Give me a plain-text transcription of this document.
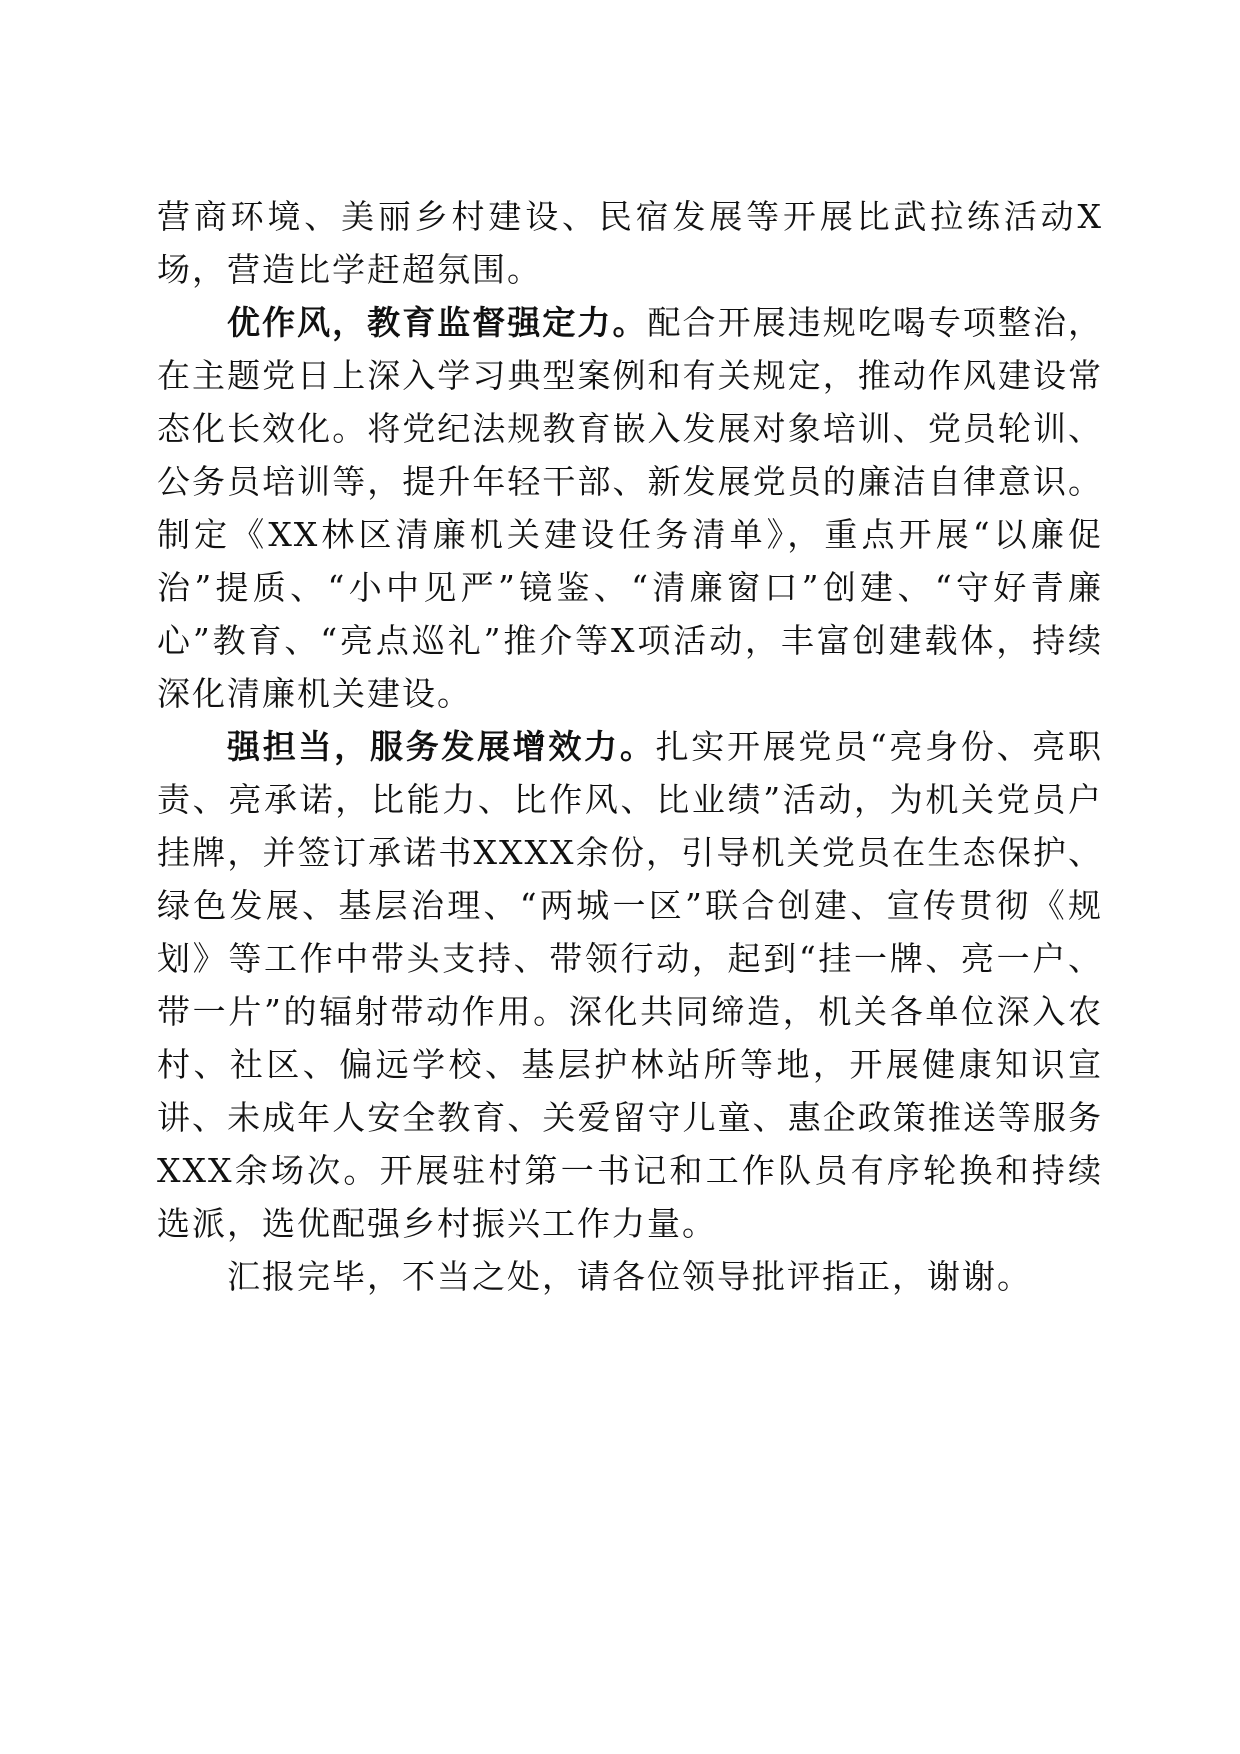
营商环境、美丽乡村建设、民宿发展等开展比武拉练活动X场，营造比学赶超氛围。

优作风，教育监督强定力。配合开展违规吃喝专项整治，在主题党日上深入学习典型案例和有关规定，推动作风建设常态化长效化。将党纪法规教育嵌入发展对象培训、党员轮训、公务员培训等，提升年轻干部、新发展党员的廉洁自律意识。制定《XX林区清廉机关建设任务清单》，重点开展“以廉促治”提质、“小中见严”镜鉴、“清廉窗口”创建、“守好青廉心”教育、“亮点巡礼”推介等X项活动，丰富创建载体，持续深化清廉机关建设。

强担当，服务发展增效力。扎实开展党员“亮身份、亮职责、亮承诺，比能力、比作风、比业绩”活动，为机关党员户挂牌，并签订承诺书XXXX余份，引导机关党员在生态保护、绿色发展、基层治理、“两城一区”联合创建、宣传贯彻《规划》等工作中带头支持、带领行动，起到“挂一牌、亮一户、带一片”的辐射带动作用。深化共同缔造，机关各单位深入农村、社区、偏远学校、基层护林站所等地，开展健康知识宣讲、未成年人安全教育、关爱留守儿童、惠企政策推送等服务XXX余场次。开展驻村第一书记和工作队员有序轮换和持续选派，选优配强乡村振兴工作力量。

汇报完毕，不当之处，请各位领导批评指正，谢谢。
